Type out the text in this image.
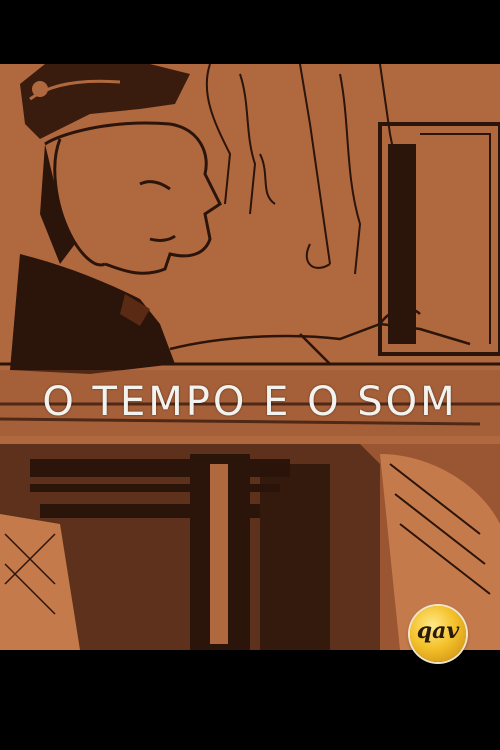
O TEMPO E O SOM
qav
